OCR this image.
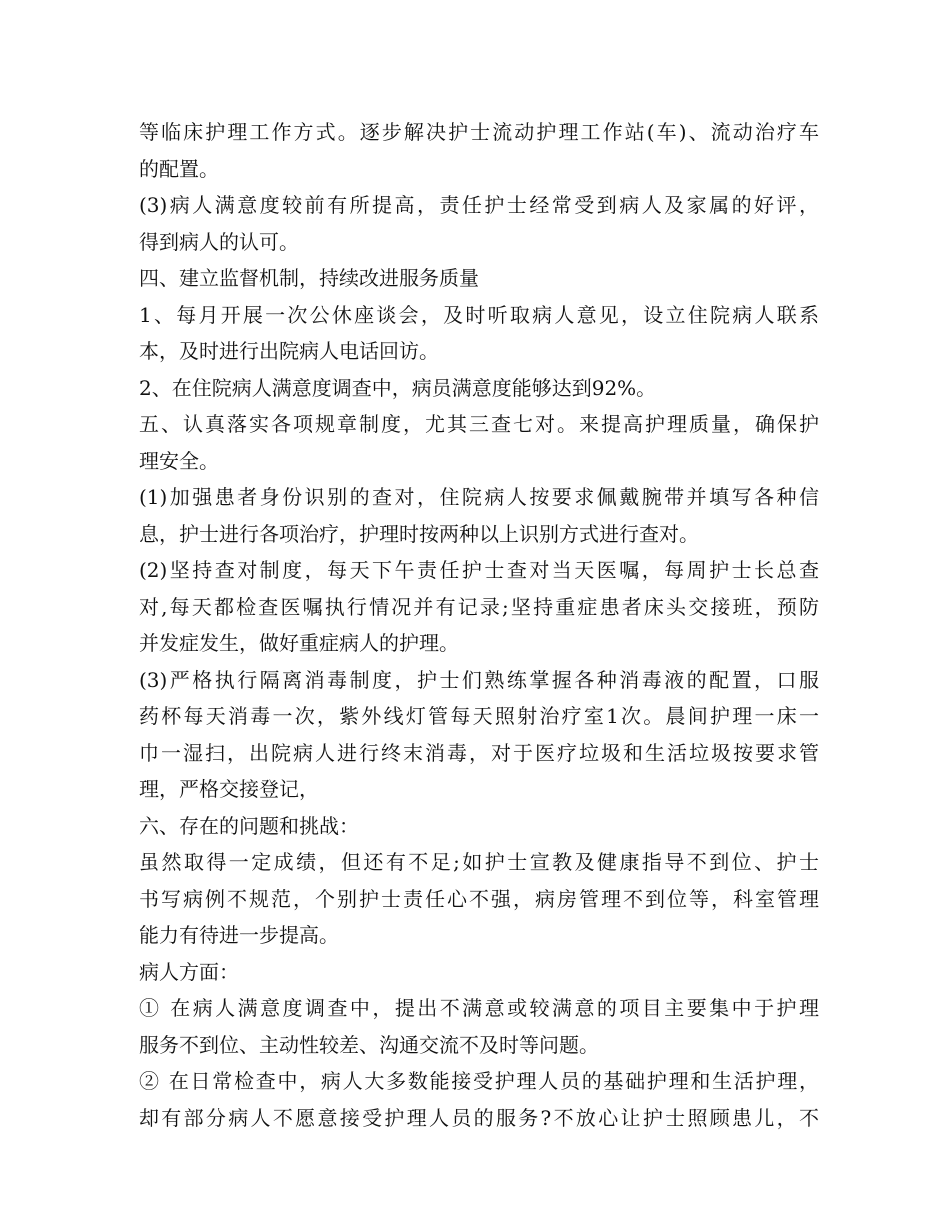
等临床护理工作方式。逐步解决护士流动护理工作站(车)、流动治疗车
的配置。
(3)病人满意度较前有所提高，责任护士经常受到病人及家属的好评，
得到病人的认可。
四、建立监督机制，持续改进服务质量
1、每月开展一次公休座谈会，及时听取病人意见，设立住院病人联系
本，及时进行出院病人电话回访。
2、在住院病人满意度调查中，病员满意度能够达到92%。
五、认真落实各项规章制度，尤其三查七对。来提高护理质量，确保护
理安全。
(1)加强患者身份识别的查对，住院病人按要求佩戴腕带并填写各种信
息，护士进行各项治疗，护理时按两种以上识别方式进行查对。
(2)坚持查对制度，每天下午责任护士查对当天医嘱，每周护士长总查
对,每天都检查医嘱执行情况并有记录;坚持重症患者床头交接班，预防
并发症发生，做好重症病人的护理。
(3)严格执行隔离消毒制度，护士们熟练掌握各种消毒液的配置，口服
药杯每天消毒一次，紫外线灯管每天照射治疗室1次。晨间护理一床一
巾一湿扫，出院病人进行终末消毒，对于医疗垃圾和生活垃圾按要求管
理，严格交接登记，
六、存在的问题和挑战：
虽然取得一定成绩，但还有不足;如护士宣教及健康指导不到位、护士
书写病例不规范，个别护士责任心不强，病房管理不到位等，科室管理
能力有待进一步提高。
病人方面：
① 在病人满意度调查中，提出不满意或较满意的项目主要集中于护理
服务不到位、主动性较差、沟通交流不及时等问题。
② 在日常检查中，病人大多数能接受护理人员的基础护理和生活护理，
却有部分病人不愿意接受护理人员的服务?不放心让护士照顾患儿，不
